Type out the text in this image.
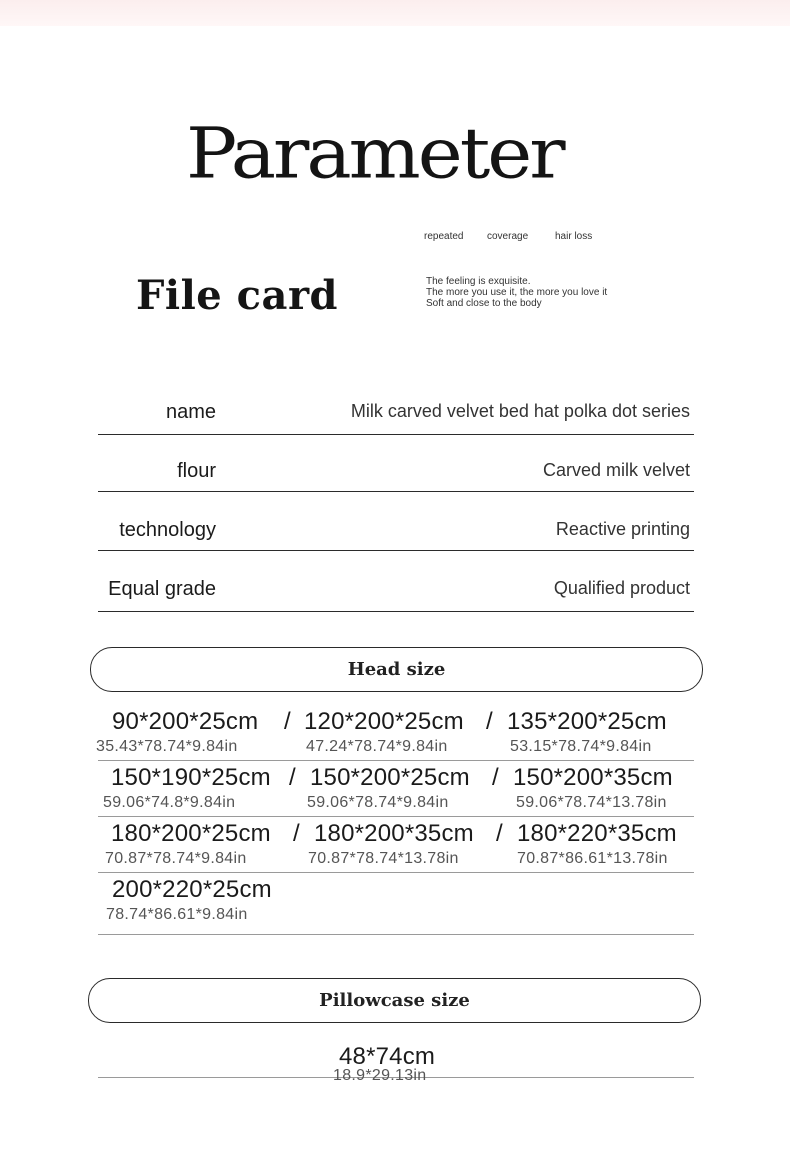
Parameter
repeated coverage	hair loss
File card	The feeling is exquisite.
The more you use it, the more you love it
Soft and close to the body
name	Milk carved velvet bed hat polka dot series
flour	Carved milk velvet
technology	Reactive printing
Equal grade	Qualified product
Head size
90*200*25cm / 120*200*25cm / 135*200*25cm
35.43*78.74*9.84in	47.24*78.74*9.84in	53.15*78.74*9.84in
150*190*25cm / 150*200*25cm / 150*200*35cm
59.06*74.8*9.84in	59.06*78.74*9.84in	59.06*78.74*13.78in
180*200*25cm / 180*200*35cm / 180*220*35cm
70.87*78.74*9.84in	70.87*78.74*13.78in	70.87*86.61*13.78in
200*220*25cm
78.74*86.61*9.84in
Pillowcase size
48*74cm
18.9*29.13in
